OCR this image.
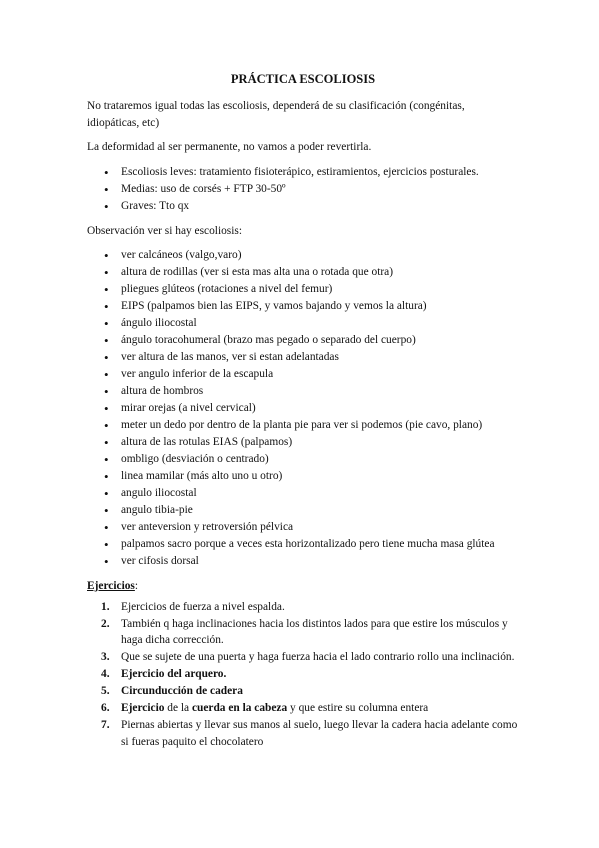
PRÁCTICA ESCOLIOSIS

No trataremos igual todas las escoliosis, dependerá de su clasificación (congénitas, idiopáticas, etc)

La deformidad al ser permanente, no vamos a poder revertirla.

• Escoliosis leves: tratamiento fisioterápico, estiramientos, ejercicios posturales.
• Medias: uso de corsés + FTP 30-50º
• Graves: Tto qx

Observación ver si hay escoliosis:

• ver calcáneos (valgo,varo)
• altura de rodillas (ver si esta mas alta una o rotada que otra)
• pliegues glúteos (rotaciones a nivel del femur)
• EIPS (palpamos bien las EIPS, y vamos bajando y vemos la altura)
• ángulo iliocostal
• ángulo toracohumeral (brazo mas pegado o separado del cuerpo)
• ver altura de las manos, ver si estan adelantadas
• ver angulo inferior de la escapula
• altura de hombros
• mirar orejas (a nivel cervical)
• meter un dedo por dentro de la planta pie para ver si podemos (pie cavo, plano)
• altura de las rotulas EIAS (palpamos)
• ombligo (desviación o centrado)
• linea mamilar (más alto uno u otro)
• angulo iliocostal
• angulo tibia-pie
• ver anteversion y retroversión pélvica
• palpamos sacro porque a veces esta horizontalizado pero tiene mucha masa glútea
• ver cifosis dorsal

Ejercicios:

1. Ejercicios de fuerza a nivel espalda.
2. También q haga inclinaciones hacia los distintos lados para que estire los músculos y haga dicha corrección.
3. Que se sujete de una puerta y haga fuerza hacia el lado contrario rollo una inclinación.
4. Ejercicio del arquero.
5. Circunducción de cadera
6. Ejercicio de la cuerda en la cabeza y que estire su columna entera
7. Piernas abiertas y llevar sus manos al suelo, luego llevar la cadera hacia adelante como si fueras paquito el chocolatero
